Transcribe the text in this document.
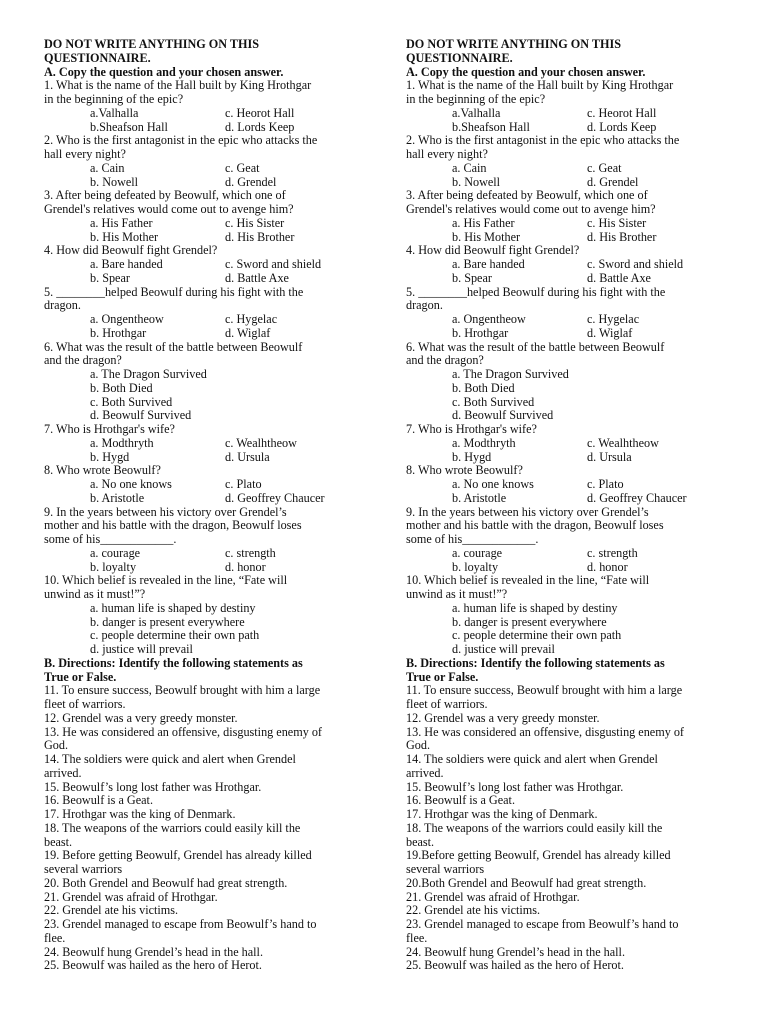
DO NOT WRITE ANYTHING ON THIS
QUESTIONNAIRE.
A. Copy the question and your chosen answer.
1. What is the name of the Hall built by King Hrothgar
in the beginning of the epic?
a.Valhalla	c. Heorot Hall
b.Sheafson Hall	d. Lords Keep
2. Who is the first antagonist in the epic who attacks the
hall every night?
a. Cain	c. Geat
b. Nowell	d. Grendel
3. After being defeated by Beowulf, which one of
Grendel's relatives would come out to avenge him?
a. His Father	c. His Sister
b. His Mother	d. His Brother
4. How did Beowulf fight Grendel?
a. Bare handed	c. Sword and shield
b. Spear	d. Battle Axe
5. ________helped Beowulf during his fight with the
dragon.
a. Ongentheow	c. Hygelac
b. Hrothgar	d. Wiglaf
6. What was the result of the battle between Beowulf
and the dragon?
a. The Dragon Survived
b. Both Died
c. Both Survived
d. Beowulf Survived
7. Who is Hrothgar's wife?
a. Modthryth	c. Wealhtheow
b. Hygd	d. Ursula
8. Who wrote Beowulf?
a. No one knows	c. Plato
b. Aristotle	d. Geoffrey Chaucer
9. In the years between his victory over Grendel’s
mother and his battle with the dragon, Beowulf loses
some of his____________.
a. courage	c. strength
b. loyalty	d. honor
10. Which belief is revealed in the line, “Fate will
unwind as it must!”?
a. human life is shaped by destiny
b. danger is present everywhere
c. people determine their own path
d. justice will prevail
B. Directions: Identify the following statements as
True or False.
11. To ensure success, Beowulf brought with him a large
fleet of warriors.
12. Grendel was a very greedy monster.
13. He was considered an offensive, disgusting enemy of
God.
14. The soldiers were quick and alert when Grendel
arrived.
15. Beowulf’s long lost father was Hrothgar.
16. Beowulf is a Geat.
17. Hrothgar was the king of Denmark.
18. The weapons of the warriors could easily kill the
beast.
19. Before getting Beowulf, Grendel has already killed
several warriors
20. Both Grendel and Beowulf had great strength.
21. Grendel was afraid of Hrothgar.
22. Grendel ate his victims.
23. Grendel managed to escape from Beowulf’s hand to
flee.
24. Beowulf hung Grendel’s head in the hall.
25. Beowulf was hailed as the hero of Herot.
DO NOT WRITE ANYTHING ON THIS
QUESTIONNAIRE.
A. Copy the question and your chosen answer.
1. What is the name of the Hall built by King Hrothgar
in the beginning of the epic?
a.Valhalla	c. Heorot Hall
b.Sheafson Hall	d. Lords Keep
2. Who is the first antagonist in the epic who attacks the
hall every night?
a. Cain	c. Geat
b. Nowell	d. Grendel
3. After being defeated by Beowulf, which one of
Grendel's relatives would come out to avenge him?
a. His Father	c. His Sister
b. His Mother	d. His Brother
4. How did Beowulf fight Grendel?
a. Bare handed	c. Sword and shield
b. Spear	d. Battle Axe
5. ________helped Beowulf during his fight with the
dragon.
a. Ongentheow	c. Hygelac
b. Hrothgar	d. Wiglaf
6. What was the result of the battle between Beowulf
and the dragon?
a. The Dragon Survived
b. Both Died
c. Both Survived
d. Beowulf Survived
7. Who is Hrothgar's wife?
a. Modthryth	c. Wealhtheow
b. Hygd	d. Ursula
8. Who wrote Beowulf?
a. No one knows	c. Plato
b. Aristotle	d. Geoffrey Chaucer
9. In the years between his victory over Grendel’s
mother and his battle with the dragon, Beowulf loses
some of his____________.
a. courage	c. strength
b. loyalty	d. honor
10. Which belief is revealed in the line, “Fate will
unwind as it must!”?
a. human life is shaped by destiny
b. danger is present everywhere
c. people determine their own path
d. justice will prevail
B. Directions: Identify the following statements as
True or False.
11. To ensure success, Beowulf brought with him a large
fleet of warriors.
12. Grendel was a very greedy monster.
13. He was considered an offensive, disgusting enemy of
God.
14. The soldiers were quick and alert when Grendel
arrived.
15. Beowulf’s long lost father was Hrothgar.
16. Beowulf is a Geat.
17. Hrothgar was the king of Denmark.
18. The weapons of the warriors could easily kill the
beast.
19.Before getting Beowulf, Grendel has already killed
several warriors
20.Both Grendel and Beowulf had great strength.
21. Grendel was afraid of Hrothgar.
22. Grendel ate his victims.
23. Grendel managed to escape from Beowulf’s hand to
flee.
24. Beowulf hung Grendel’s head in the hall.
25. Beowulf was hailed as the hero of Herot.
